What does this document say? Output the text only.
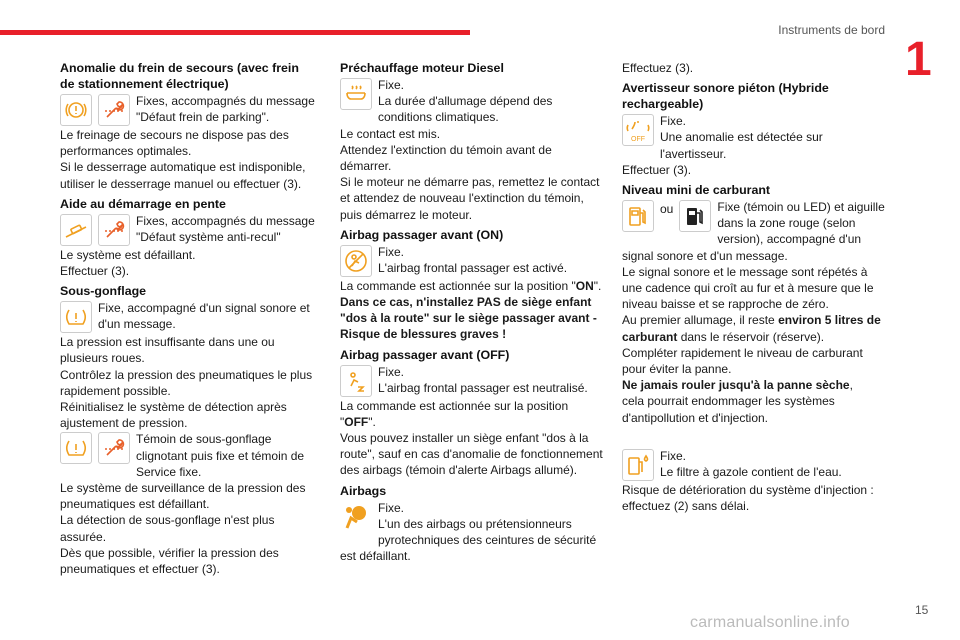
Instruments de bord
1
Anomalie du frein de secours (avec frein de stationnement électrique)
Fixes, accompagnés du message "Défaut frein de parking".

Le freinage de secours ne dispose pas des performances optimales.

Si le desserrage automatique est indisponible, utiliser le desserrage manuel ou effectuer (3).

Aide au démarrage en pente
Fixes, accompagnés du message "Défaut système anti-recul"

Le système est défaillant.

Effectuer (3).

Sous-gonflage
Fixe, accompagné d'un signal sonore et d'un message.

La pression est insuffisante dans une ou plusieurs roues.

Contrôlez la pression des pneumatiques le plus rapidement possible.

Réinitialisez le système de détection après ajustement de pression.

Témoin de sous-gonflage clignotant puis fixe et témoin de Service fixe.

Le système de surveillance de la pression des pneumatiques est défaillant.

La détection de sous-gonflage n'est plus assurée.

Dès que possible, vérifier la pression des pneumatiques et effectuer (3).

Préchauffage moteur Diesel
Fixe.
La durée d'allumage dépend des conditions climatiques.

Le contact est mis.

Attendez l'extinction du témoin avant de démarrer.

Si le moteur ne démarre pas, remettez le contact et attendez de nouveau l'extinction du témoin, puis démarrez le moteur.

Airbag passager avant (ON)
Fixe.
L'airbag frontal passager est activé.

La commande est actionnée sur la position "ON".

Dans ce cas, n'installez PAS de siège enfant "dos à la route" sur le siège passager avant - Risque de blessures graves !

Airbag passager avant (OFF)
Fixe.
L'airbag frontal passager est neutralisé.

La commande est actionnée sur la position "OFF".

Vous pouvez installer un siège enfant "dos à la route", sauf en cas d'anomalie de fonctionnement des airbags (témoin d'alerte Airbags allumé).

Airbags
Fixe.
L'un des airbags ou prétensionneurs pyrotechniques des ceintures de sécurité est défaillant.

Effectuez (3).

Avertisseur sonore piéton (Hybride rechargeable)
OFF
Fixe.
Une anomalie est détectée sur l'avertisseur.

Effectuer (3).

Niveau mini de carburant
ou	Fixe (témoin ou LED) et aiguille dans la zone rouge (selon version), accompagné d'un signal sonore et d'un message.

Le signal sonore et le message sont répétés à une cadence qui croît au fur et à mesure que le niveau baisse et se rapproche de zéro.

Au premier allumage, il reste environ 5 litres de carburant dans le réservoir (réserve).

Compléter rapidement le niveau de carburant pour éviter la panne.

Ne jamais rouler jusqu'à la panne sèche,

cela pourrait endommager les systèmes d'antipollution et d'injection.

Fixe.
Le filtre à gazole contient de l'eau.

Risque de détérioration du système d'injection : effectuez (2) sans délai.

15
carmanualsonline.info
